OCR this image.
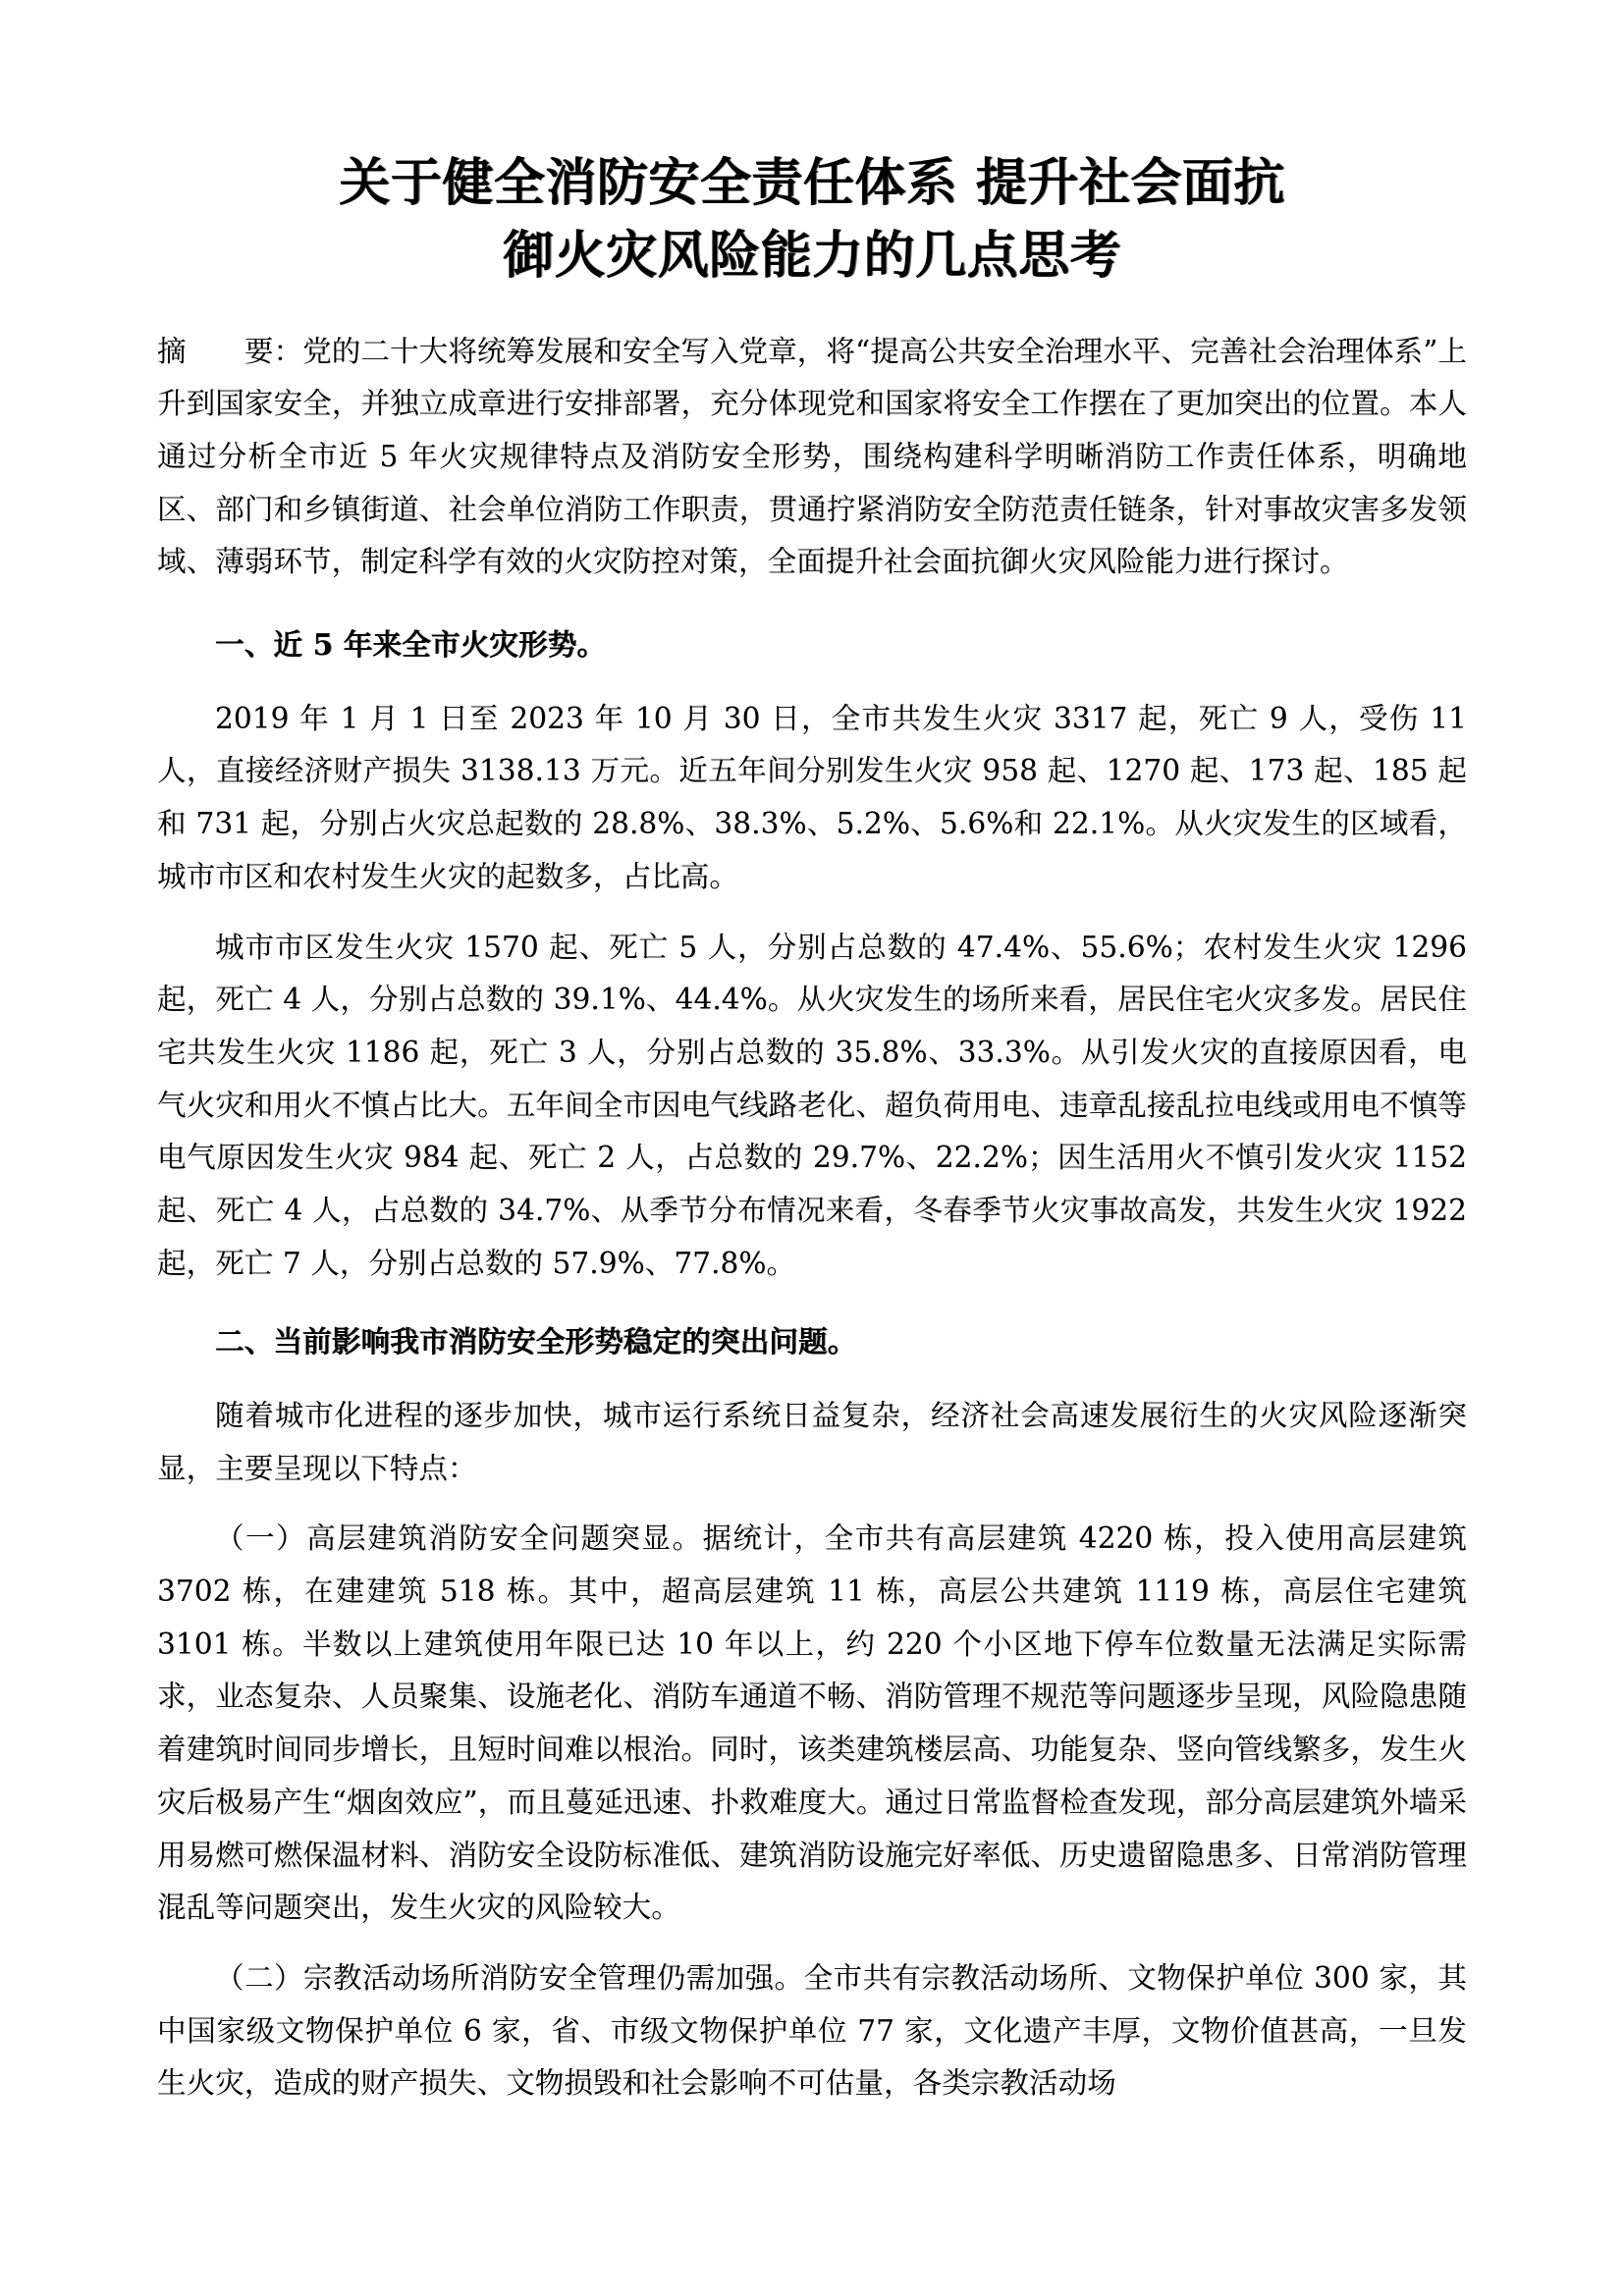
关于健全消防安全责任体系 提升社会面抗
御火灾风险能力的几点思考

摘　　要：党的二十大将统筹发展和安全写入党章，将“提高公共安全治理水平、完善社会治理体系”上升到国家安全，并独立成章进行安排部署，充分体现党和国家将安全工作摆在了更加突出的位置。本人通过分析全市近 5 年火灾规律特点及消防安全形势，围绕构建科学明晰消防工作责任体系，明确地区、部门和乡镇街道、社会单位消防工作职责，贯通拧紧消防安全防范责任链条，针对事故灾害多发领域、薄弱环节，制定科学有效的火灾防控对策，全面提升社会面抗御火灾风险能力进行探讨。

一、近 5 年来全市火灾形势。

2019 年 1 月 1 日至 2023 年 10 月 30 日，全市共发生火灾 3317 起，死亡 9 人，受伤 11 人，直接经济财产损失 3138.13 万元。近五年间分别发生火灾 958 起、1270 起、173 起、185 起和 731 起，分别占火灾总起数的 28.8%、38.3%、5.2%、5.6%和 22.1%。从火灾发生的区域看，城市市区和农村发生火灾的起数多，占比高。

城市市区发生火灾 1570 起、死亡 5 人，分别占总数的 47.4%、55.6%；农村发生火灾 1296 起，死亡 4 人，分别占总数的 39.1%、44.4%。从火灾发生的场所来看，居民住宅火灾多发。居民住宅共发生火灾 1186 起，死亡 3 人，分别占总数的 35.8%、33.3%。从引发火灾的直接原因看，电气火灾和用火不慎占比大。五年间全市因电气线路老化、超负荷用电、违章乱接乱拉电线或用电不慎等电气原因发生火灾 984 起、死亡 2 人，占总数的 29.7%、22.2%；因生活用火不慎引发火灾 1152 起、死亡 4 人，占总数的 34.7%、从季节分布情况来看，冬春季节火灾事故高发，共发生火灾 1922 起，死亡 7 人，分别占总数的 57.9%、77.8%。

二、当前影响我市消防安全形势稳定的突出问题。

随着城市化进程的逐步加快，城市运行系统日益复杂，经济社会高速发展衍生的火灾风险逐渐突显，主要呈现以下特点：

（一）高层建筑消防安全问题突显。据统计，全市共有高层建筑 4220 栋，投入使用高层建筑 3702 栋，在建建筑 518 栋。其中，超高层建筑 11 栋，高层公共建筑 1119 栋，高层住宅建筑 3101 栋。半数以上建筑使用年限已达 10 年以上，约 220 个小区地下停车位数量无法满足实际需求，业态复杂、人员聚集、设施老化、消防车通道不畅、消防管理不规范等问题逐步呈现，风险隐患随着建筑时间同步增长，且短时间难以根治。同时，该类建筑楼层高、功能复杂、竖向管线繁多，发生火灾后极易产生“烟囱效应”，而且蔓延迅速、扑救难度大。通过日常监督检查发现，部分高层建筑外墙采用易燃可燃保温材料、消防安全设防标准低、建筑消防设施完好率低、历史遗留隐患多、日常消防管理混乱等问题突出，发生火灾的风险较大。

（二）宗教活动场所消防安全管理仍需加强。全市共有宗教活动场所、文物保护单位 300 家，其中国家级文物保护单位 6 家，省、市级文物保护单位 77 家，文化遗产丰厚，文物价值甚高，一旦发生火灾，造成的财产损失、文物损毁和社会影响不可估量，各类宗教活动场
